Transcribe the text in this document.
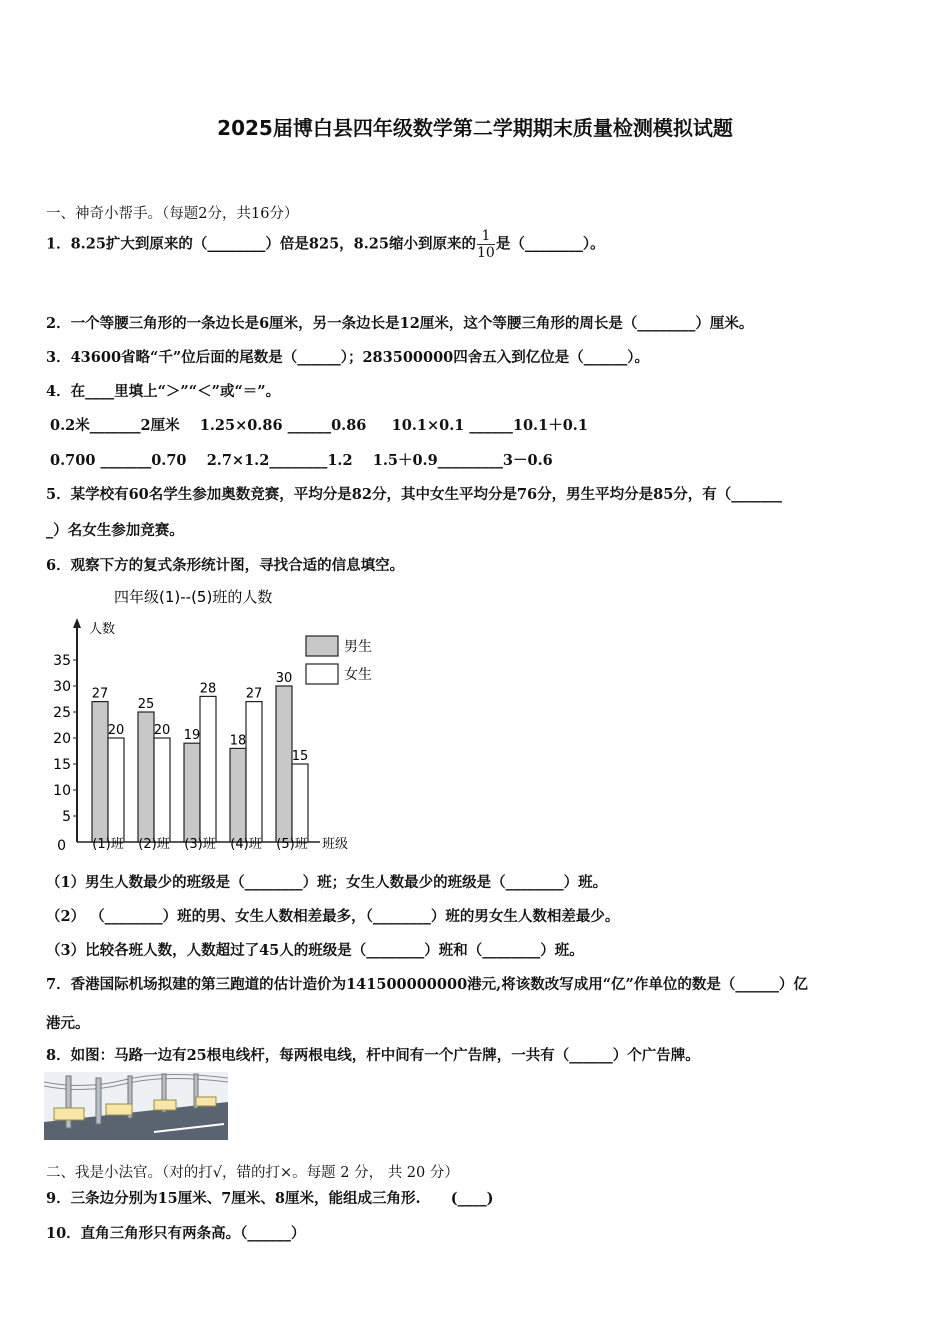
2025届博白县四年级数学第二学期期末质量检测模拟试题
一、神奇小帮手。（每题2分，共16分）
1．8.25扩大到原来的（________）倍是825，8.25缩小到原来的 $\frac{1}{10}$ 是（________）。
2．一个等腰三角形的一条边长是6厘米，另一条边长是12厘米，这个等腰三角形的周长是（________）厘米。
3．43600省略“千”位后面的尾数是（______）；283500000四舍五入到亿位是（______）。
4．在____里填上“＞”“＜”或“＝”。
0.2米_______2厘米    1.25×0.86 ______0.86     10.1×0.1 ______10.1＋0.1
0.700 _______0.70    2.7×1.2________1.2    1.5＋0.9_________3－0.6
5．某学校有60名学生参加奥数竞赛，平均分是82分，其中女生平均分是76分，男生平均分是85分，有（_______
_）名女生参加竞赛。
6．观察下方的复式条形统计图，寻找合适的信息填空。
四年级(1)--(5)班的人数
人数
班级
0
5
10
15
20
25
30
35
27
20
25
20 19
28
18
27
30
15
(1)班 (2)班 (3)班 (4)班 (5)班
男生
女生
（1）男生人数最少的班级是（________）班；女生人数最少的班级是（________）班。
（2） （________）班的男、女生人数相差最多，（________）班的男女生人数相差最少。
（3）比较各班人数，人数超过了45人的班级是（________）班和（________）班。
7．香港国际机场拟建的第三跑道的估计造价为141500000000港元,将该数改写成用“亿”作单位的数是（______）亿
港元。
8．如图：马路一边有25根电线杆，每两根电线，杆中间有一个广告牌，一共有（______）个广告牌。
二、我是小法官。（对的打√，错的打×。每题 2 分， 共 20 分）
9．三条边分别为15厘米、7厘米、8厘米，能组成三角形.      (____)
10．直角三角形只有两条高。（______）
